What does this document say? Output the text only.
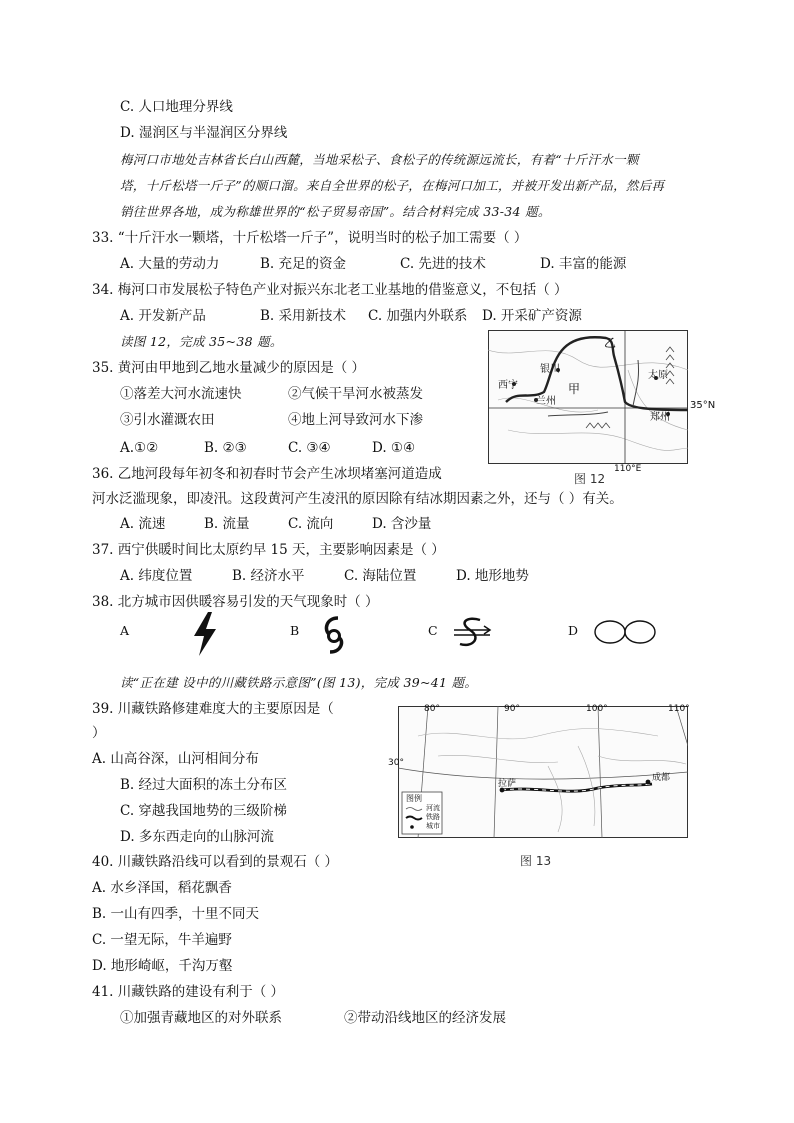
C. 人口地理分界线
D. 湿润区与半湿润区分界线
梅河口市地处吉林省长白山西麓，当地采松子、食松子的传统源远流长，有着“十斤汗水一颗
塔，十斤松塔一斤子”的顺口溜。来自全世界的松子，在梅河口加工，并被开发出新产品，然后再
销往世界各地，成为称雄世界的“松子贸易帝国”。结合材料完成 33-34 题。
33. “十斤汗水一颗塔，十斤松塔一斤子”，说明当时的松子加工需要（ ）
A. 大量的劳动力	B. 充足的资金	C. 先进的技术	D. 丰富的能源
34. 梅河口市发展松子特色产业对振兴东北老工业基地的借鉴意义，不包括（ ）
A. 开发新产品	B. 采用新技术 C. 加强内外联系 D. 开采矿产资源
读图 12，完成 35~38 题。
35. 黄河由甲地到乙地水量减少的原因是（ ）
①落差大河水流速快	②气候干旱河水被蒸发
③引水灌溉农田	④地上河导致河水下渗
A.①②	B. ②③	C. ③④	D. ①④
36. 乙地河段每年初冬和初春时节会产生冰坝堵塞河道造成
河水泛滥现象，即凌汛。这段黄河产生凌汛的原因除有结冰期因素之外，还与（ ）有关。
A. 流速	B. 流量	C. 流向	D. 含沙量
37. 西宁供暖时间比太原约早 15 天，主要影响因素是（ ）
A. 纬度位置	B. 经济水平	C. 海陆位置	D. 地形地势
38. 北方城市因供暖容易引发的天气现象时（ ）
A	B	C	D
读“正在建 设中的川藏铁路示意图”(图 13)，完成 39~41 题。
39. 川藏铁路修建难度大的主要原因是（
）
A. 山高谷深，山河相间分布
B. 经过大面积的冻土分布区
C. 穿越我国地势的三级阶梯
D. 多东西走向的山脉河流
40. 川藏铁路沿线可以看到的景观石（ ）
A. 水乡泽国，稻花飘香
B. 一山有四季，十里不同天
C. 一望无际，牛羊遍野
D. 地形崎岖，千沟万壑
41. 川藏铁路的建设有利于（ ）
①加强青藏地区的对外联系	②带动沿线地区的经济发展
乙
银川
太原
西宁	甲
兰州	35°N
郑州
110°E
图 12
80°	90°	100°	110°
30°
拉萨
成都
图例
河流
铁路
城市
图 13
